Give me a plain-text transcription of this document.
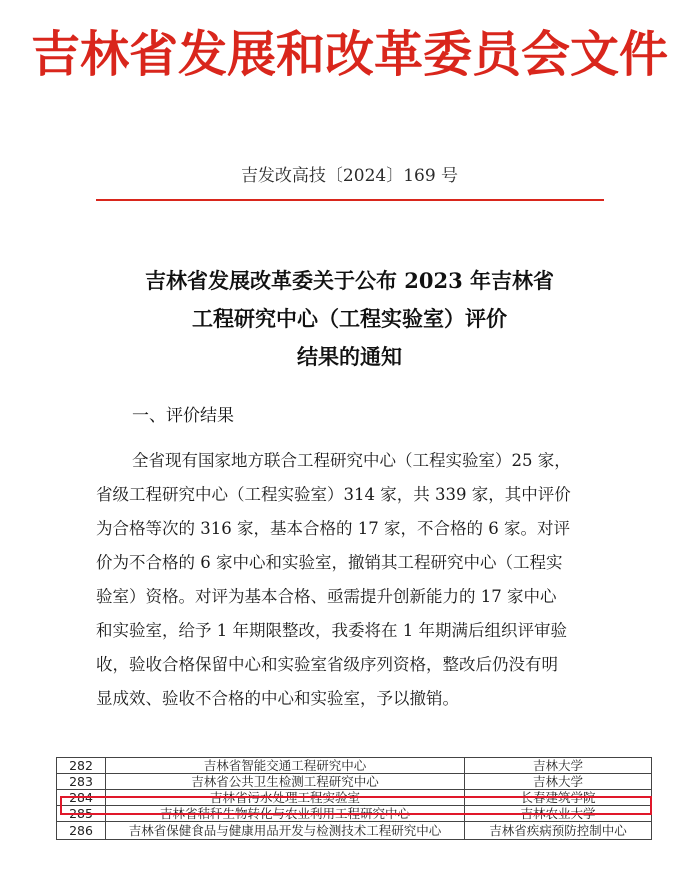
吉林省发展和改革委员会文件
吉发改高技〔2024〕169 号
吉林省发展改革委关于公布 2023 年吉林省
工程研究中心（工程实验室）评价
结果的通知
一、评价结果
全省现有国家地方联合工程研究中心（工程实验室）25 家，
省级工程研究中心（工程实验室）314 家，共 339 家，其中评价
为合格等次的 316 家，基本合格的 17 家，不合格的 6 家。对评
价为不合格的 6 家中心和实验室，撤销其工程研究中心（工程实
验室）资格。对评为基本合格、亟需提升创新能力的 17 家中心
和实验室，给予 1 年期限整改，我委将在 1 年期满后组织评审验
收，验收合格保留中心和实验室省级序列资格，整改后仍没有明
显成效、验收不合格的中心和实验室，予以撤销。
282	吉林省智能交通工程研究中心	吉林大学
283	吉林省公共卫生检测工程研究中心	吉林大学
284	吉林省污水处理工程实验室	长春建筑学院
285	吉林省秸秆生物转化与农业利用工程研究中心	吉林农业大学
286	吉林省保健食品与健康用品开发与检测技术工程研究中心	吉林省疾病预防控制中心
